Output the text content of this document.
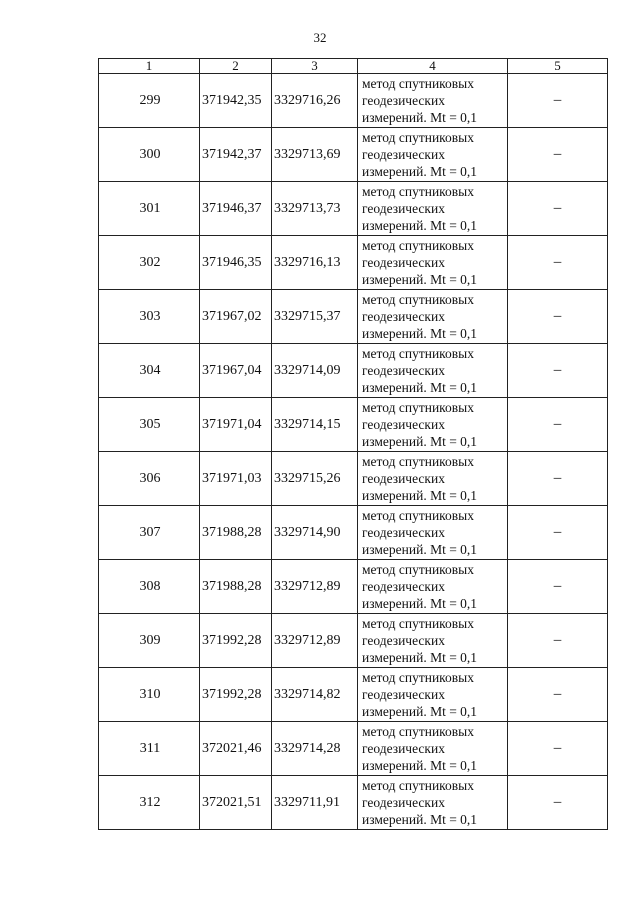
32
1	2	3	4	5
299	371942,35	3329716,26	метод спутниковых
геодезических
измерений. Mt = 0,1	–
300	371942,37	3329713,69	метод спутниковых
геодезических
измерений. Mt = 0,1	–
301	371946,37	3329713,73	метод спутниковых
геодезических
измерений. Mt = 0,1	–
302	371946,35	3329716,13	метод спутниковых
геодезических
измерений. Mt = 0,1	–
303	371967,02	3329715,37	метод спутниковых
геодезических
измерений. Mt = 0,1	–
304	371967,04	3329714,09	метод спутниковых
геодезических
измерений. Mt = 0,1	–
305	371971,04	3329714,15	метод спутниковых
геодезических
измерений. Mt = 0,1	–
306	371971,03	3329715,26	метод спутниковых
геодезических
измерений. Mt = 0,1	–
307	371988,28	3329714,90	метод спутниковых
геодезических
измерений. Mt = 0,1	–
308	371988,28	3329712,89	метод спутниковых
геодезических
измерений. Mt = 0,1	–
309	371992,28	3329712,89	метод спутниковых
геодезических
измерений. Mt = 0,1	–
310	371992,28	3329714,82	метод спутниковых
геодезических
измерений. Mt = 0,1	–
311	372021,46	3329714,28	метод спутниковых
геодезических
измерений. Mt = 0,1	–
312	372021,51	3329711,91	метод спутниковых
геодезических
измерений. Mt = 0,1	–
